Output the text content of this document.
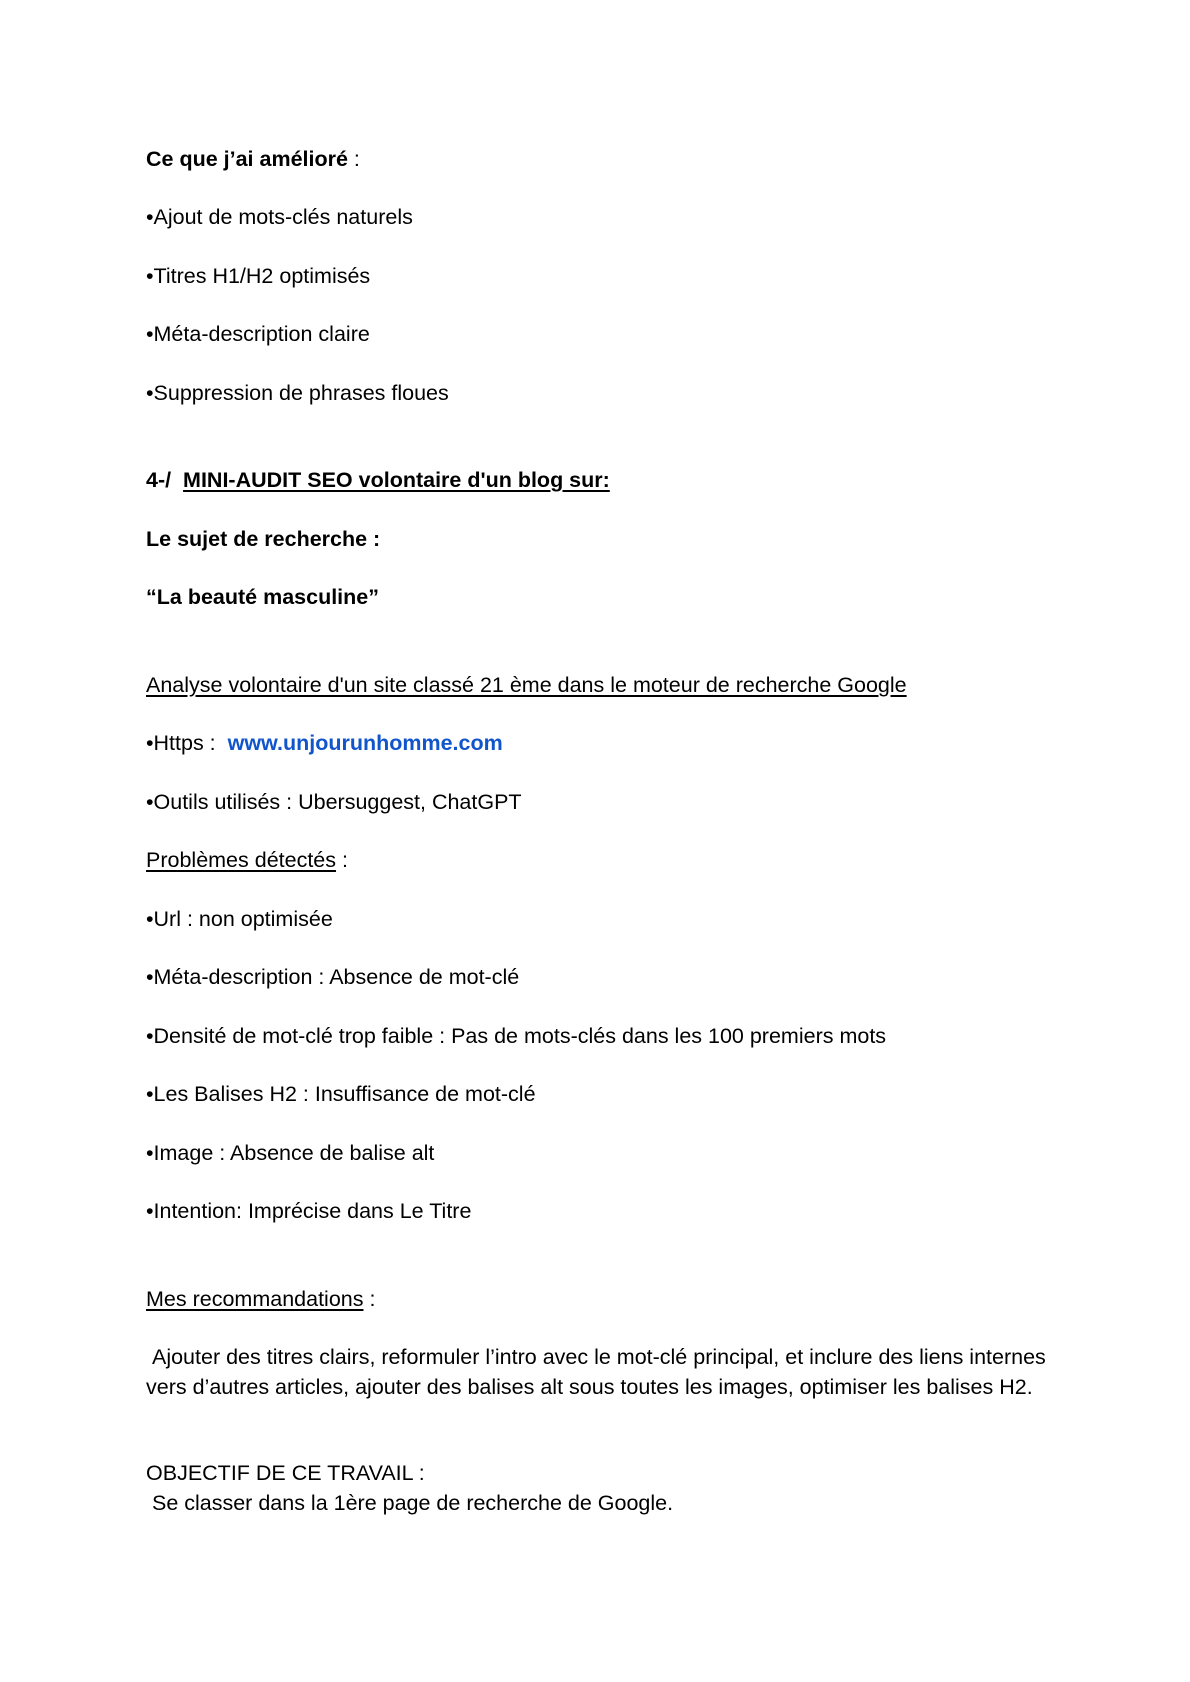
Ce que j’ai amélioré :

•Ajout de mots-clés naturels

•Titres H1/H2 optimisés

•Méta-description claire

•Suppression de phrases floues

4-/ MINI-AUDIT SEO volontaire d'un blog sur:

Le sujet de recherche :

“La beauté masculine”

Analyse volontaire d'un site classé 21 ème dans le moteur de recherche Google

•Https : www.unjourunhomme.com

•Outils utilisés : Ubersuggest, ChatGPT

Problèmes détectés :

•Url : non optimisée

•Méta-description : Absence de mot-clé

•Densité de mot-clé trop faible : Pas de mots-clés dans les 100 premiers mots

•Les Balises H2 : Insuffisance de mot-clé

•Image : Absence de balise alt

•Intention: Imprécise dans Le Titre

Mes recommandations :

Ajouter des titres clairs, reformuler l’intro avec le mot-clé principal, et inclure des liens internes vers d’autres articles, ajouter des balises alt sous toutes les images, optimiser les balises H2.

OBJECTIF DE CE TRAVAIL :

Se classer dans la 1ère page de recherche de Google.
